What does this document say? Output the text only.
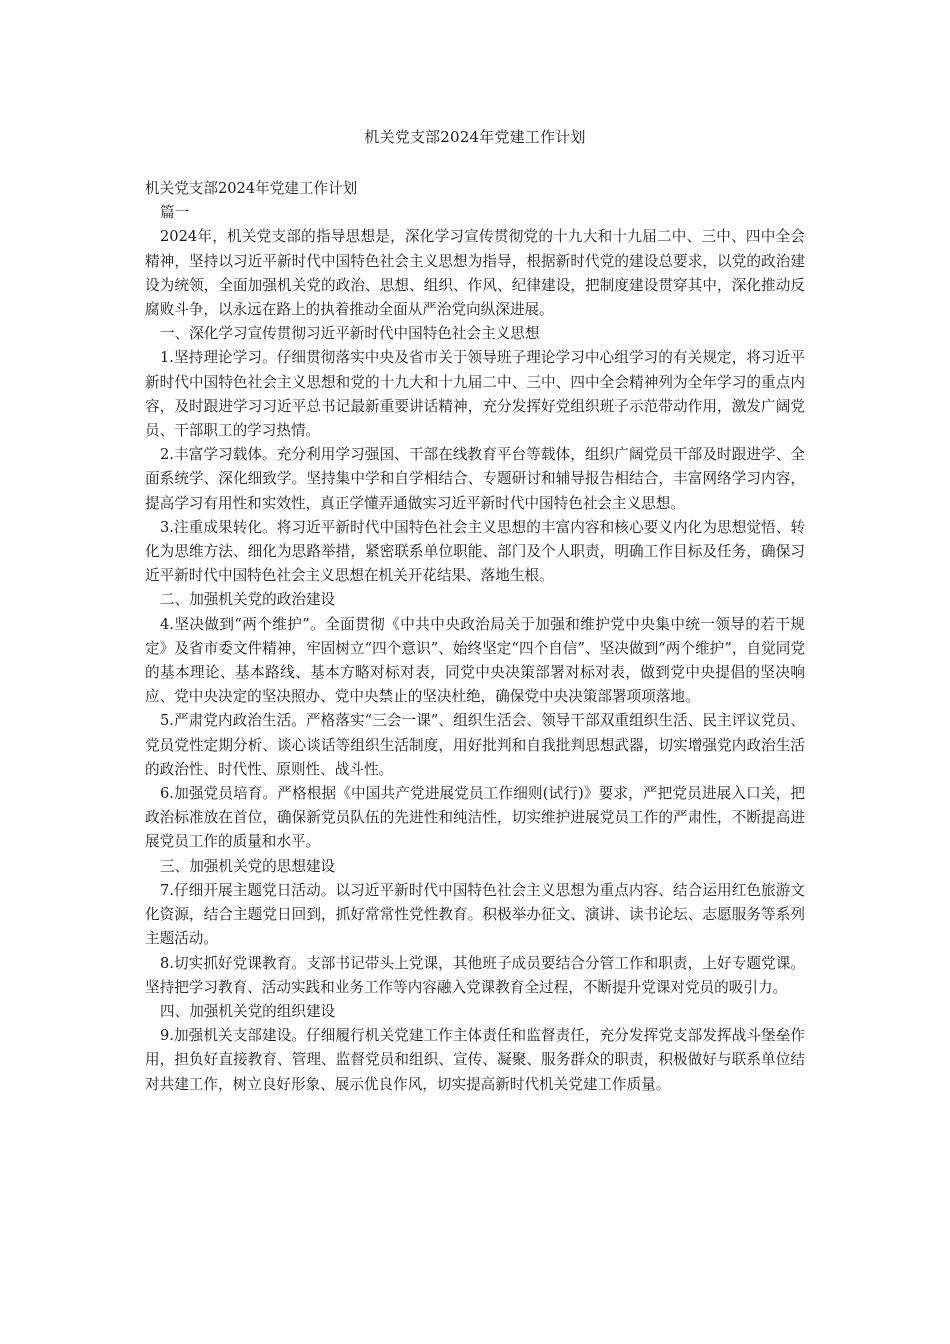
机关党支部2024年党建工作计划

机关党支部2024年党建工作计划

篇一

2024年，机关党支部的指导思想是，深化学习宣传贯彻党的十九大和十九届二中、三中、四中全会精神，坚持以习近平新时代中国特色社会主义思想为指导，根据新时代党的建设总要求，以党的政治建设为统领，全面加强机关党的政治、思想、组织、作风、纪律建设，把制度建设贯穿其中，深化推动反腐败斗争，以永远在路上的执着推动全面从严治党向纵深进展。

一、深化学习宣传贯彻习近平新时代中国特色社会主义思想

1.坚持理论学习。仔细贯彻落实中央及省市关于领导班子理论学习中心组学习的有关规定，将习近平新时代中国特色社会主义思想和党的十九大和十九届二中、三中、四中全会精神列为全年学习的重点内容，及时跟进学习习近平总书记最新重要讲话精神，充分发挥好党组织班子示范带动作用，激发广阔党员、干部职工的学习热情。

2.丰富学习载体。充分利用学习强国、干部在线教育平台等载体，组织广阔党员干部及时跟进学、全面系统学、深化细致学。坚持集中学和自学相结合、专题研讨和辅导报告相结合，丰富网络学习内容，提高学习有用性和实效性，真正学懂弄通做实习近平新时代中国特色社会主义思想。

3.注重成果转化。将习近平新时代中国特色社会主义思想的丰富内容和核心要义内化为思想觉悟、转化为思维方法、细化为思路举措，紧密联系单位职能、部门及个人职责，明确工作目标及任务，确保习近平新时代中国特色社会主义思想在机关开花结果、落地生根。

二、加强机关党的政治建设

4.坚决做到“两个维护”。全面贯彻《中共中央政治局关于加强和维护党中央集中统一领导的若干规定》及省市委文件精神，牢固树立“四个意识”、始终坚定“四个自信”、坚决做到“两个维护”，自觉同党的基本理论、基本路线、基本方略对标对表，同党中央决策部署对标对表，做到党中央提倡的坚决响应、党中央决定的坚决照办、党中央禁止的坚决杜绝，确保党中央决策部署项项落地。

5.严肃党内政治生活。严格落实“三会一课”、组织生活会、领导干部双重组织生活、民主评议党员、党员党性定期分析、谈心谈话等组织生活制度，用好批判和自我批判思想武器，切实增强党内政治生活的政治性、时代性、原则性、战斗性。

6.加强党员培育。严格根据《中国共产党进展党员工作细则(试行)》要求，严把党员进展入口关，把政治标准放在首位，确保新党员队伍的先进性和纯洁性，切实维护进展党员工作的严肃性，不断提高进展党员工作的质量和水平。

三、加强机关党的思想建设

7.仔细开展主题党日活动。以习近平新时代中国特色社会主义思想为重点内容、结合运用红色旅游文化资源，结合主题党日回到，抓好常常性党性教育。积极举办征文、演讲、读书论坛、志愿服务等系列主题活动。

8.切实抓好党课教育。支部书记带头上党课，其他班子成员要结合分管工作和职责，上好专题党课。坚持把学习教育、活动实践和业务工作等内容融入党课教育全过程，不断提升党课对党员的吸引力。

四、加强机关党的组织建设

9.加强机关支部建设。仔细履行机关党建工作主体责任和监督责任，充分发挥党支部发挥战斗堡垒作用，担负好直接教育、管理、监督党员和组织、宣传、凝聚、服务群众的职责，积极做好与联系单位结对共建工作，树立良好形象、展示优良作风，切实提高新时代机关党建工作质量。
